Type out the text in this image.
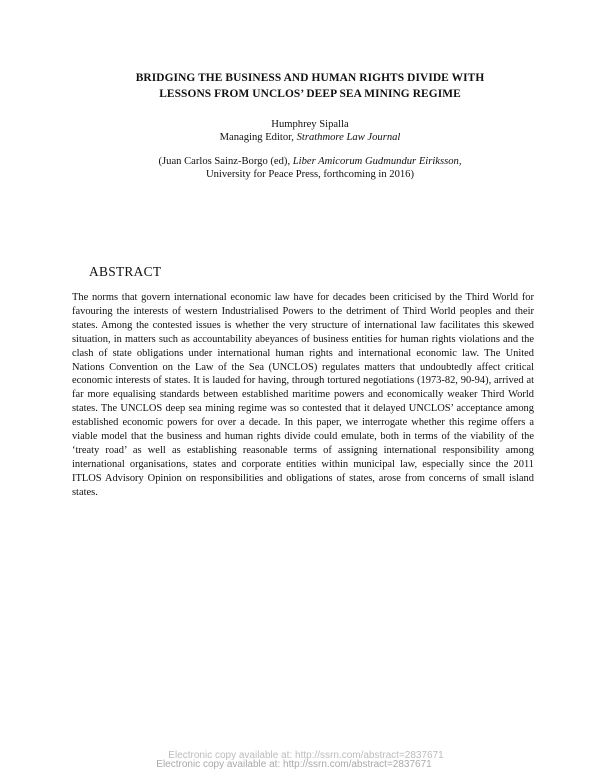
BRIDGING THE BUSINESS AND HUMAN RIGHTS DIVIDE WITH
LESSONS FROM UNCLOS’ DEEP SEA MINING REGIME
Humphrey Sipalla
Managing Editor, Strathmore Law Journal
(Juan Carlos Sainz-Borgo (ed), Liber Amicorum Gudmundur Eiriksson,
University for Peace Press, forthcoming in 2016)
ABSTRACT

The norms that govern international economic law have for decades been criticised by the Third World for favouring the interests of western Industrialised Powers to the detriment of Third World peoples and their states. Among the contested issues is whether the very structure of international law facilitates this skewed situation, in matters such as accountability abeyances of business entities for human rights violations and the clash of state obligations under international human rights and international economic law. The United Nations Convention on the Law of the Sea (UNCLOS) regulates matters that undoubtedly affect critical economic interests of states. It is lauded for having, through tortured negotiations (1973-82, 90-94), arrived at far more equalising standards between established maritime powers and economically weaker Third World states. The UNCLOS deep sea mining regime was so contested that it delayed UNCLOS’ acceptance among established economic powers for over a decade. In this paper, we interrogate whether this regime offers a viable model that the business and human rights divide could emulate, both in terms of the viability of the ‘treaty road’ as well as establishing reasonable terms of assigning international responsibility among international organisations, states and corporate entities within municipal law, especially since the 2011 ITLOS Advisory Opinion on responsibilities and obligations of states, arose from concerns of small island states.

Electronic copy available at: http://ssrn.com/abstract=2837671
Electronic copy available at: http://ssrn.com/abstract=2837671
